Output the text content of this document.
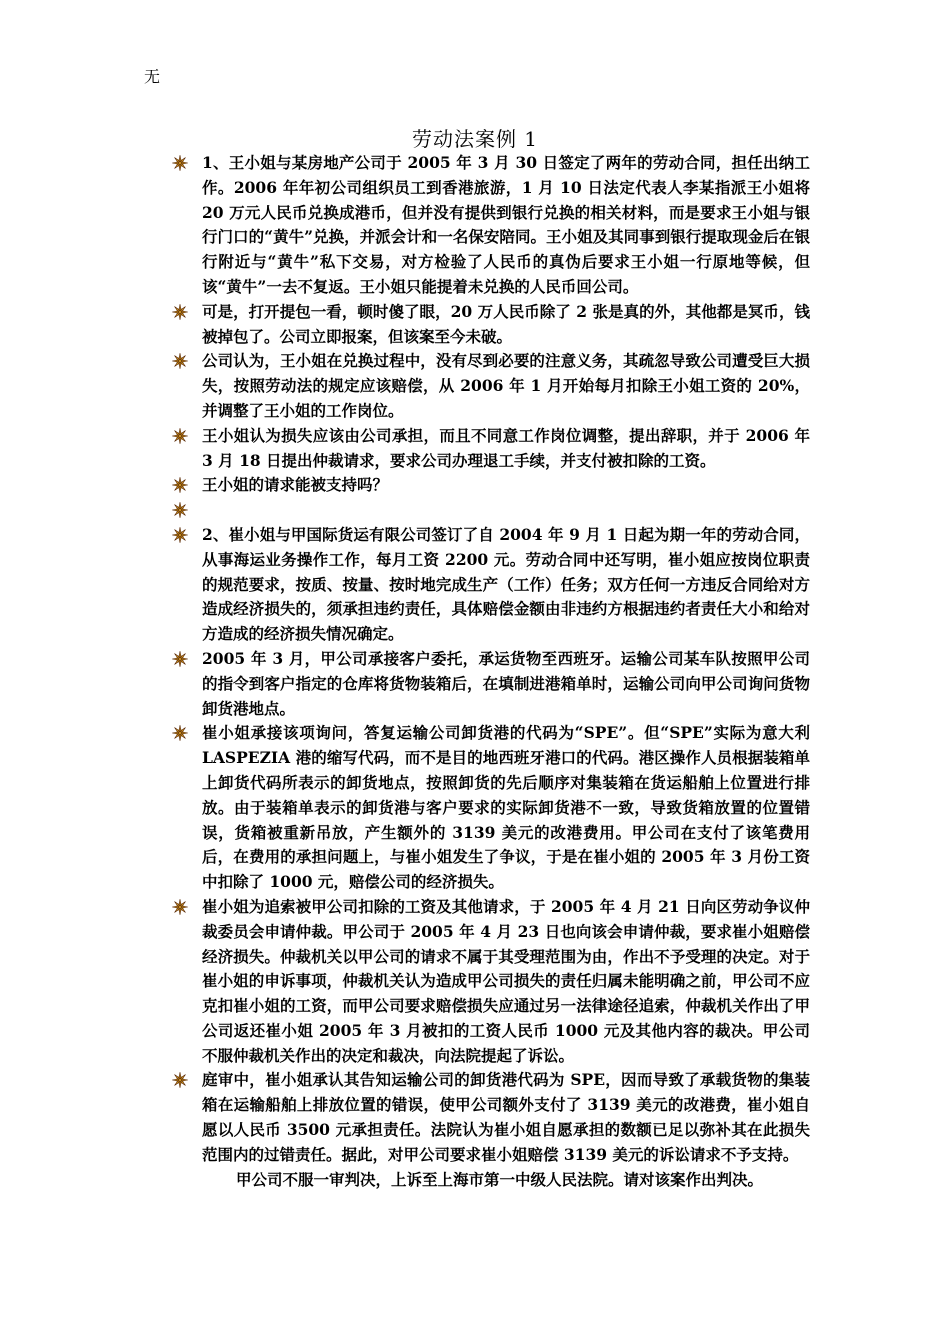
无
劳动法案例 1
1、王小姐与某房地产公司于 2005 年 3 月 30 日签定了两年的劳动合同，担任出纳工作。2006 年年初公司组织员工到香港旅游，1 月 10 日法定代表人李某指派王小姐将 20 万元人民币兑换成港币，但并没有提供到银行兑换的相关材料，而是要求王小姐与银行门口的“黄牛”兑换，并派会计和一名保安陪同。王小姐及其同事到银行提取现金后在银行附近与“黄牛”私下交易，对方检验了人民币的真伪后要求王小姐一行原地等候，但该“黄牛”一去不复返。王小姐只能提着未兑换的人民币回公司。
可是，打开提包一看，顿时傻了眼，20 万人民币除了 2 张是真的外，其他都是冥币，钱被掉包了。公司立即报案，但该案至今未破。
公司认为，王小姐在兑换过程中，没有尽到必要的注意义务，其疏忽导致公司遭受巨大损失，按照劳动法的规定应该赔偿，从 2006 年 1 月开始每月扣除王小姐工资的 20%，并调整了王小姐的工作岗位。
王小姐认为损失应该由公司承担，而且不同意工作岗位调整，提出辞职，并于 2006 年 3 月 18 日提出仲裁请求，要求公司办理退工手续，并支付被扣除的工资。
王小姐的请求能被支持吗？
2、崔小姐与甲国际货运有限公司签订了自 2004 年 9 月 1 日起为期一年的劳动合同，从事海运业务操作工作，每月工资 2200 元。劳动合同中还写明，崔小姐应按岗位职责的规范要求，按质、按量、按时地完成生产（工作）任务；双方任何一方违反合同给对方造成经济损失的，须承担违约责任，具体赔偿金额由非违约方根据违约者责任大小和给对方造成的经济损失情况确定。
2005 年 3 月，甲公司承接客户委托，承运货物至西班牙。运输公司某车队按照甲公司的指令到客户指定的仓库将货物装箱后，在填制进港箱单时，运输公司向甲公司询问货物卸货港地点。
崔小姐承接该项询问，答复运输公司卸货港的代码为“SPE”。但“SPE”实际为意大利 LASPEZIA 港的缩写代码，而不是目的地西班牙港口的代码。港区操作人员根据装箱单上卸货代码所表示的卸货地点，按照卸货的先后顺序对集装箱在货运船舶上位置进行排放。由于装箱单表示的卸货港与客户要求的实际卸货港不一致，导致货箱放置的位置错误，货箱被重新吊放，产生额外的 3139 美元的改港费用。甲公司在支付了该笔费用后，在费用的承担问题上，与崔小姐发生了争议，于是在崔小姐的 2005 年 3 月份工资中扣除了 1000 元，赔偿公司的经济损失。
崔小姐为追索被甲公司扣除的工资及其他请求，于 2005 年 4 月 21 日向区劳动争议仲裁委员会申请仲裁。甲公司于 2005 年 4 月 23 日也向该会申请仲裁，要求崔小姐赔偿经济损失。仲裁机关以甲公司的请求不属于其受理范围为由，作出不予受理的决定。对于崔小姐的申诉事项，仲裁机关认为造成甲公司损失的责任归属未能明确之前，甲公司不应克扣崔小姐的工资，而甲公司要求赔偿损失应通过另一法律途径追索，仲裁机关作出了甲公司返还崔小姐 2005 年 3 月被扣的工资人民币 1000 元及其他内容的裁决。甲公司不服仲裁机关作出的决定和裁决，向法院提起了诉讼。
庭审中，崔小姐承认其告知运输公司的卸货港代码为 SPE，因而导致了承载货物的集装箱在运输船舶上排放位置的错误，使甲公司额外支付了 3139 美元的改港费，崔小姐自愿以人民币 3500 元承担责任。法院认为崔小姐自愿承担的数额已足以弥补其在此损失范围内的过错责任。据此，对甲公司要求崔小姐赔偿 3139 美元的诉讼请求不予支持。
甲公司不服一审判决，上诉至上海市第一中级人民法院。请对该案作出判决。
